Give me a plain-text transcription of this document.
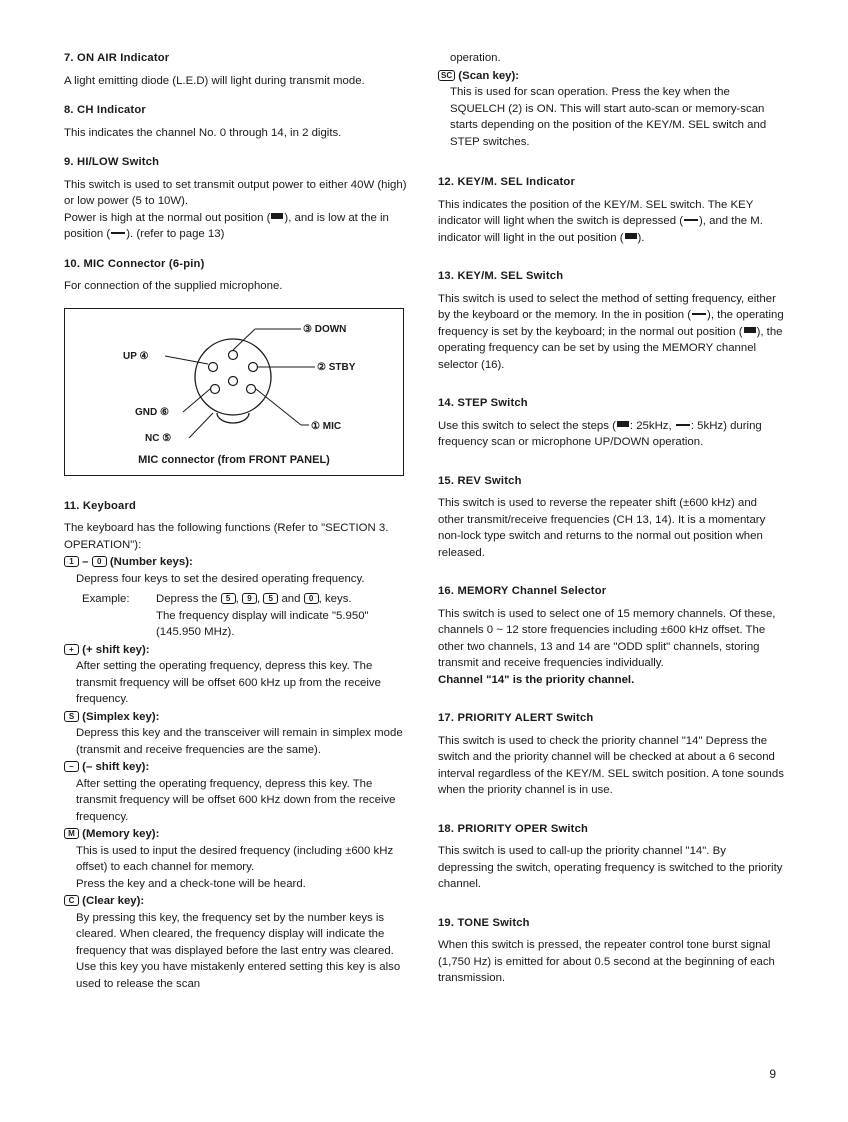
7. ON AIR Indicator

A light emitting diode (L.E.D) will light during transmit mode.

8. CH Indicator

This indicates the channel No. 0 through 14, in 2 digits.

9. HI/LOW Switch

This switch is used to set transmit output power to either 40W (high) or low power (5 to 10W).

Power is high at the normal out position ( ), and is low at the in position ( ). (refer to page 13)

10. MIC Connector (6-pin)

For connection of the supplied microphone.

③ DOWN
UP ④
② STBY
GND ⑥
① MIC
NC ⑤
MIC connector (from FRONT PANEL)
11. Keyboard

The keyboard has the following functions (Refer to "SECTION 3. OPERATION"):

1 – 0 (Number keys):

Depress four keys to set the desired operating frequency.

Example:	Depress the 5 , 9 , 5 and 0 , keys.

The frequency display will indicate "5.950" (145.950 MHz).

+ (+ shift key):

After setting the operating frequency, depress this key. The transmit frequency will be offset 600 kHz up from the receive frequency.

S (Simplex key):

Depress this key and the transceiver will remain in simplex mode (transmit and receive frequencies are the same).

– (– shift key):

After setting the operating frequency, depress this key. The transmit frequency will be offset 600 kHz down from the receive frequency.

M (Memory key):

This is used to input the desired frequency (including ±600 kHz offset) to each channel for memory.

Press the key and a check-tone will be heard.

C (Clear key):

By pressing this key, the frequency set by the number keys is cleared. When cleared, the frequency display will indicate the frequency that was displayed before the last entry was cleared. Use this key you have mistakenly entered setting this key is also used to release the scan

operation.

SC (Scan key):

This is used for scan operation. Press the key when the SQUELCH (2) is ON. This will start auto-scan or memory-scan starts depending on the position of the KEY/M. SEL switch and STEP switches.

12. KEY/M. SEL Indicator

This indicates the position of the KEY/M. SEL switch. The KEY indicator will light when the switch is depressed ( ), and the M. indicator will light in the out position ( ).

13. KEY/M. SEL Switch

This switch is used to select the method of setting frequency, either by the keyboard or the memory. In the in position ( ), the operating frequency is set by the keyboard; in the normal out position ( ), the operating frequency can be set by using the MEMORY channel selector (16).

14. STEP Switch

Use this switch to select the steps ( : 25kHz, : 5kHz) during frequency scan or microphone UP/DOWN operation.

15. REV Switch

This switch is used to reverse the repeater shift (±600 kHz) and other transmit/receive frequencies (CH 13, 14). It is a momentary non-lock type switch and returns to the normal out position when released.

16. MEMORY Channel Selector

This switch is used to select one of 15 memory channels. Of these, channels 0 ~ 12 store frequencies including ±600 kHz offset. The other two channels, 13 and 14 are "ODD split" channels, storing transmit and receive frequencies individually.

Channel "14" is the priority channel.

17. PRIORITY ALERT Switch

This switch is used to check the priority channel "14" Depress the switch and the priority channel will be checked at about a 6 second interval regardless of the KEY/M. SEL switch position. A tone sounds when the priority channel is in use.

18. PRIORITY OPER Switch

This switch is used to call-up the priority channel "14". By depressing the switch, operating frequency is switched to the priority channel.

19. TONE Switch

When this switch is pressed, the repeater control tone burst signal (1,750 Hz) is emitted for about 0.5 second at the beginning of each transmission.

9
